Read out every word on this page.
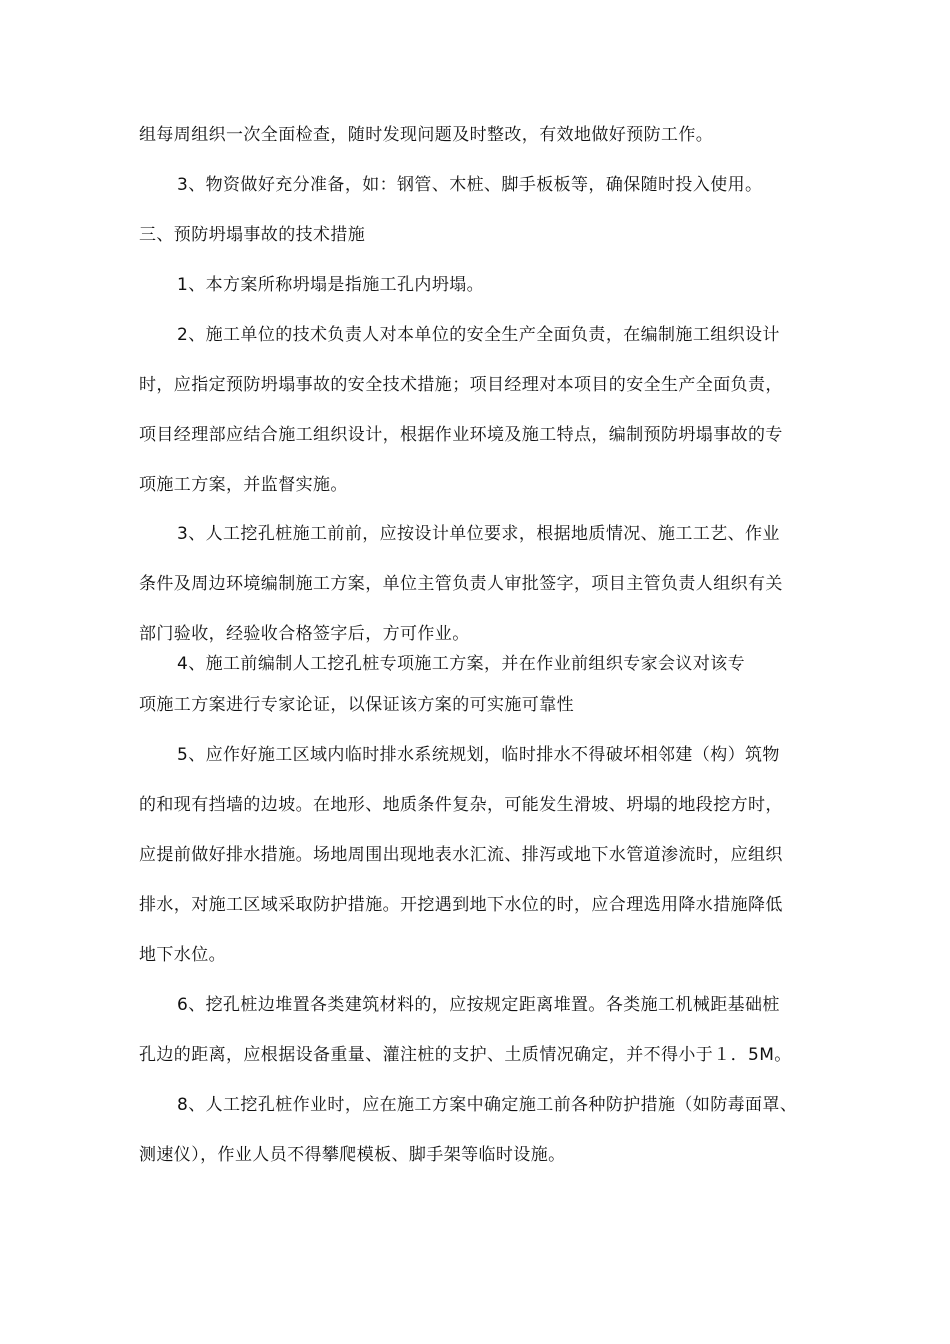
组每周组织一次全面检查，随时发现问题及时整改，有效地做好预防工作。
3、物资做好充分准备，如：钢管、木桩、脚手板板等，确保随时投入使用。
三、预防坍塌事故的技术措施
1、本方案所称坍塌是指施工孔内坍塌。
2、施工单位的技术负责人对本单位的安全生产全面负责，在编制施工组织设计
时，应指定预防坍塌事故的安全技术措施；项目经理对本项目的安全生产全面负责，
项目经理部应结合施工组织设计，根据作业环境及施工特点，编制预防坍塌事故的专
项施工方案，并监督实施。
3、人工挖孔桩施工前前，应按设计单位要求，根据地质情况、施工工艺、作业
条件及周边环境编制施工方案，单位主管负责人审批签字，项目主管负责人组织有关
部门验收，经验收合格签字后，方可作业。
4、施工前编制人工挖孔桩专项施工方案，并在作业前组织专家会议对该专
项施工方案进行专家论证，以保证该方案的可实施可靠性
5、应作好施工区域内临时排水系统规划，临时排水不得破坏相邻建（构）筑物
的和现有挡墙的边坡。在地形、地质条件复杂，可能发生滑坡、坍塌的地段挖方时，
应提前做好排水措施。场地周围出现地表水汇流、排泻或地下水管道渗流时，应组织
排水，对施工区域采取防护措施。开挖遇到地下水位的时，应合理选用降水措施降低
地下水位。
6、挖孔桩边堆置各类建筑材料的，应按规定距离堆置。各类施工机械距基础桩
孔边的距离，应根据设备重量、灌注桩的支护、土质情况确定，并不得小于１．5M。
8、人工挖孔桩作业时，应在施工方案中确定施工前各种防护措施（如防毒面罩、
测速仪），作业人员不得攀爬模板、脚手架等临时设施。
